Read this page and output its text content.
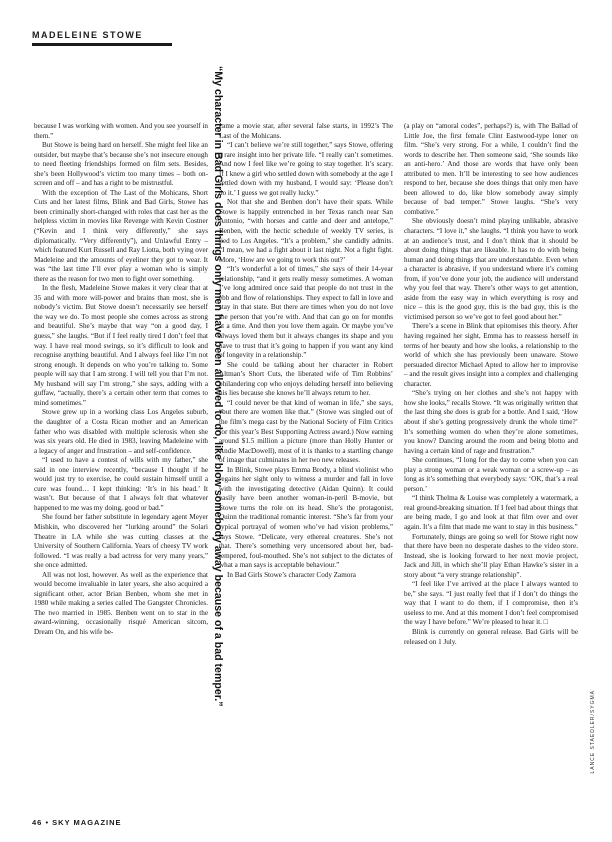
MADELEINE STOWE

because I was working with women. And you see yourself in them.”

But Stowe is being hard on herself. She might feel like an outsider, but maybe that’s because she’s not insecure enough to need fleeting friendships formed on film sets. Besides, she’s been Hollywood’s victim too many times – both on-screen and off – and has a right to be mistrustful.

With the exception of The Last of the Mohicans, Short Cuts and her latest films, Blink and Bad Girls, Stowe has been criminally short-changed with roles that cast her as the helpless victim in movies like Revenge with Kevin Costner (“Kevin and I think very differently,” she says diplomatically. “Very differently”), and Unlawful Entry – which featured Kurt Russell and Ray Liotta, both vying over Madeleine and the amounts of eyeliner they got to wear. It was “the last time I’ll ever play a woman who is simply there as the reason for two men to fight over something.

In the flesh, Madeleine Stowe makes it very clear that at 35 and with more will-power and brains than most, she is nobody’s victim. But Stowe doesn’t necessarily see herself the way we do. To most people she comes across as strong and beautiful. She’s maybe that way “on a good day, I guess,” she laughs. “But if I feel really tired I don’t feel that way. I have real mood swings, so it’s difficult to look and recognise anything beautiful. And I always feel like I’m not strong enough. It depends on who you’re talking to. Some people will say that I am strong. I will tell you that I’m not. My husband will say I’m strong,” she says, adding with a guffaw, “actually, there’s a certain other term that comes to mind sometimes.”

Stowe grew up in a working class Los Angeles suburb, the daughter of a Costa Rican mother and an American father who was disabled with multiple sclerosis when she was six years old. He died in 1983, leaving Madeleine with a legacy of anger and frustration – and self-confidence.

“I used to have a contest of wills with my father,” she said in one interview recently, “because I thought if he would just try to exercise, he could sustain himself until a cure was found… I kept thinking: ‘It’s in his head.’ It wasn’t. But because of that I always felt that whatever happened to me was my doing, good or bad.”

She found her father substitute in legendary agent Meyer Mishkin, who discovered her “lurking around” the Solari Theatre in LA while she was cutting classes at the University of Southern California. Years of cheesy TV work followed. “I was really a bad actress for very many years,” she once admitted.

All was not lost, however. As well as the experience that would become invaluable in later years, she also acquired a significant other, actor Brian Benben, whom she met in 1980 while making a series called The Gangster Chronicles. The two married in 1985. Benben went on to star in the award-winning, occasionally risqué American sitcom, Dream On, and his wife be-	“My character in Bad Girls does things only men have been allowed to do, like blow somebody away because of a bad temper.”

came a movie star, after several false starts, in 1992’s The Last of the Mohicans.

“I can’t believe we’re still together,” says Stowe, offering a rare insight into her private life. “I really can’t sometimes. And now I feel like we’re going to stay together. It’s scary. If I knew a girl who settled down with somebody at the age I settled down with my husband, I would say: ‘Please don’t do it.’ I guess we got really lucky.”

Not that she and Benben don’t have their spats. While Stowe is happily entrenched in her Texas ranch near San Antonio, “with horses and cattle and deer and antelope,” Benben, with the hectic schedule of weekly TV series, is tied to Los Angeles. “It’s a problem,” she candidly admits. “I mean, we had a fight about it last night. Not a fight fight. More, ‘How are we going to work this out?’

“It’s wonderful a lot of times,” she says of their 14-year relationship, “and it gets really messy sometimes. A woman I’ve long admired once said that people do not trust in the ebb and flow of relationships. They expect to fall in love and stay in that state. But there are times when you do not love the person that you’re with. And that can go on for months at a time. And then you love them again. Or maybe you’ve always loved them but it always changes its shape and you have to trust that it’s going to happen if you want any kind of longevity in a relationship.”

She could be talking about her character in Robert Altman’s Short Cuts, the liberated wife of Tim Robbins’ philandering cop who enjoys deluding herself into believing his lies because she knows he’ll always return to her.

“I could never be that kind of woman in life,” she says, “but there are women like that.” (Stowe was singled out of the film’s mega cast by the National Society of Film Critics for this year’s Best Supporting Actress award.) Now earning around $1.5 million a picture (more than Holly Hunter or Andie MacDowell), most of it is thanks to a startling change of image that culminates in her two new releases.

In Blink, Stowe plays Emma Brody, a blind violinist who regains her sight only to witness a murder and fall in love with the investigating detective (Aidan Quinn). It could easily have been another woman-in-peril B-movie, but Stowe turns the role on its head. She’s the protagonist, Quinn the traditional romantic interest. “She’s far from your typical portrayal of women who’ve had vision problems,” says Stowe. “Delicate, very ethereal creatures. She’s not that. There’s something very uncensored about her, bad-tempered, foul-mouthed. She’s not subject to the dictates of what a man says is acceptable behaviour.”

In Bad Girls Stowe’s character Cody Zamora

(a play on “amoral codes”, perhaps?) is, with The Ballad of Little Joe, the first female Clint Eastwood-type loner on film. “She’s very strong. For a while, I couldn’t find the words to describe her. Then someone said, ‘She sounds like an anti-hero.’ And those are words that have only been attributed to men. It’ll be interesting to see how audiences respond to her, because she does things that only men have been allowed to do, like blow somebody away simply because of bad temper.” Stowe laughs. “She’s very combative.”

She obviously doesn’t mind playing unlikable, abrasive characters. “I love it,” she laughs. “I think you have to work at an audience’s trust, and I don’t think that it should be about doing things that are likeable. It has to do with being human and doing things that are understandable. Even when a character is abrasive, if you understand where it’s coming from, if you’ve done your job, the audience will understand why you feel that way. There’s other ways to get attention, aside from the easy way in which everything is rosy and nice – this is the good guy, this is the bad guy, this is the victimised person so we’ve got to feel good about her.”

There’s a scene in Blink that epitomises this theory. After having regained her sight, Emma has to reassess herself in terms of her beauty and how she looks, a relationship to the world of which she has previously been unaware. Stowe persuaded director Michael Apted to allow her to improvise – and the result gives insight into a complex and challenging character.

“She’s trying on her clothes and she’s not happy with how she looks,” recalls Stowe. “It was originally written that the last thing she does is grab for a bottle. And I said, ‘How about if she’s getting progressively drunk the whole time?’ It’s something women do when they’re alone sometimes, you know? Dancing around the room and being blotto and having a certain kind of rage and frustration.”

She continues, “I long for the day to come when you can play a strong woman or a weak woman or a screw-up – as long as it’s something that everybody says: ‘OK, that’s a real person.’

“I think Thelma & Louise was completely a watermark, a real ground-breaking situation. If I feel bad about things that are being made, I go and look at that film over and over again. It’s a film that made me want to stay in this business.”

Fortunately, things are going so well for Stowe right now that there have been no desperate dashes to the video store. Instead, she is looking forward to her next movie project, Jack and Jill, in which she’ll play Ethan Hawke’s sister in a story about “a very strange relationship”.

“I feel like I’ve arrived at the place I always wanted to be,” she says. “I just really feel that if I don’t do things the way that I want to do them, if I compromise, then it’s useless to me. And at this moment I don’t feel compromised the way I have before.” We’re pleased to hear it. □

Blink is currently on general release. Bad Girls will be released on 1 July.

LANCE STAEDLER/SYGMA
46 • SKY MAGAZINE
